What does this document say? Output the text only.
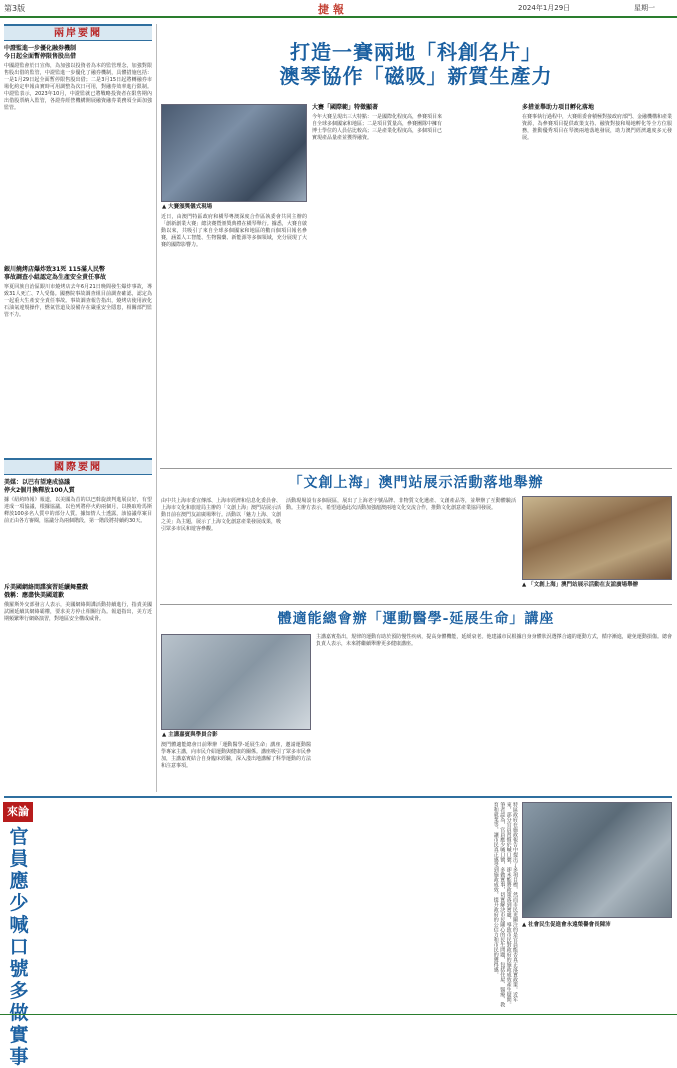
第3版	捷 報	2024年1月29日	星期一
兩岸要聞
中證監進一步優化融券機制
今日起全面暫停限售股出借
中國證監會於日宣佈，為加強以投資者為本的監管理念，加強對限售股出借的監管，中證監進一步優化了融券機制，具體措施包括：一是1月29日起全面暫停限售股出借；二是3月15日起將轉融券市場化約定申報由實時可用調整為次日可用，對融券效率進行限制。中證監表示，2023年10月，中證監就已將戰略投資者在限售期內出借股票納入監管，各證券經營機構開展融資融券業務須全面加強監管。
銀川燒烤店爆炸致31死 115滿人民幣
事故調查小組認定為生產安全責任事故
寧夏回族自治區銀川市燒烤店去年6月21日晚間發生爆炸事故，導致31人死亡、7人受傷。國務院事故調查組目前調查確認，認定為一起重大生產安全責任事故。事故調查報告指出，燒烤店使用液化石油氣違規操作，燃氣管道及設備存在嚴重安全隱患，相關部門監管不力。
國際要聞
美媒：以巴有望達成協議
停火2個月換釋放100人質
據《紐約時報》報道，以美國為首的以巴斡旋談判進展良好，有望達成一項協議，根據協議，以色列將停火約兩個月，以換取哈馬斯釋放100多名人質中的部分人質。據知情人士透露，該協議草案目前正由各方審閱，協議分為兩個階段，第一階段將持續約30天。
斥美國網絡間諜演習延續舞臺戲
俄稱：應盡快美國道歉
俄羅斯外交部發言人表示，美國網絡間諜活動持續進行，指責美國試圖延續其網絡霸權，要求美方停止相關行為。報道指出，美方近期頻繁舉行網絡演習，對地區安全構成威脅。
打造一賽兩地「科創名片」
澳琴協作「磁吸」新質生產力
▲ 大賽頒獎儀式現場
近日，由澳門特區政府和橫琴粵澳深度合作區執委會共同主辦的「創新創業大賽」總決賽暨頒獎典禮在橫琴舉行。據悉，大賽自啟動以來，共吸引了來自全球多個國家和地區的數百個項目報名參賽，涵蓋人工智能、生物醫藥、新能源等多個領域，充分展現了大賽的國際影響力。
大賽「國際範」特徵顯著
今年大賽呈現出三大特點：一是國際化程度高，參賽項目來自全球多個國家和地區；二是項目質量高，參賽團隊中擁有博士學位的人員佔比較高；三是產業化程度高，多個項目已實現產品量產並獲得融資。
多措並舉助力項目孵化落地
在賽事執行過程中，大賽組委會積極對接政府部門、金融機構和產業資源，為參賽項目提供政策支持、融資對接和場地孵化等全方位服務，推動優秀項目在琴澳兩地落地發展，助力澳門經濟適度多元發展。
「文創上海」澳門站展示活動落地舉辦
由中共上海市委宣傳部、上海市經濟和信息化委員會、上海市文化和旅遊局主辦的「文創上海」澳門站展示活動日前在澳門友誼廣場舉行。活動以「魅力上海、文創之美」為主題，展示了上海文化創意產業發展成果，吸引眾多市民和遊客參觀。
活動現場設有多個展區，展出了上海老字號品牌、非物質文化遺產、文創產品等，並舉辦了互動體驗活動。主辦方表示，希望通過此次活動加強滬澳兩地文化交流合作，推動文化創意產業協同發展。
▲ 「文創上海」澳門站展示活動在友誼廣場舉辦
體適能總會辦「運動醫學-延展生命」講座
▲ 主講嘉賓與學員合影
澳門體適能總會日前舉辦「運動醫學-延展生命」講座，邀請運動醫學專家主講，向市民介紹運動與健康的關係。講座吸引了眾多市民參加，主講嘉賓結合自身臨床經驗，深入淺出地講解了科學運動的方法和注意事項。
主講嘉賓指出，規律的運動有助於預防慢性疾病，提高身體機能，延緩衰老。他建議市民根據自身身體狀況選擇合適的運動方式，循序漸進，避免運動損傷。總會負責人表示，未來將繼續舉辦更多健康講座。
來論
官員應少喊口號多做實事
特區政府在施政報告中提出了多項目標，然而市民更關注的是官員能否真正落實政策。近年來，部分官員習慣於喊口號，卻未能將政策落到實處，導致市民對政府的施政成效產生疑問。筆者認為，官員應少喊口號，多做實事，切實解決市民關心的民生問題，包括住屋、醫療、教育和就業等，讓市民真正感受到施政成效，提升政府的公信力和市民的獲得感。	▲ 社會民生促進會永遠榮譽會長陳沛
